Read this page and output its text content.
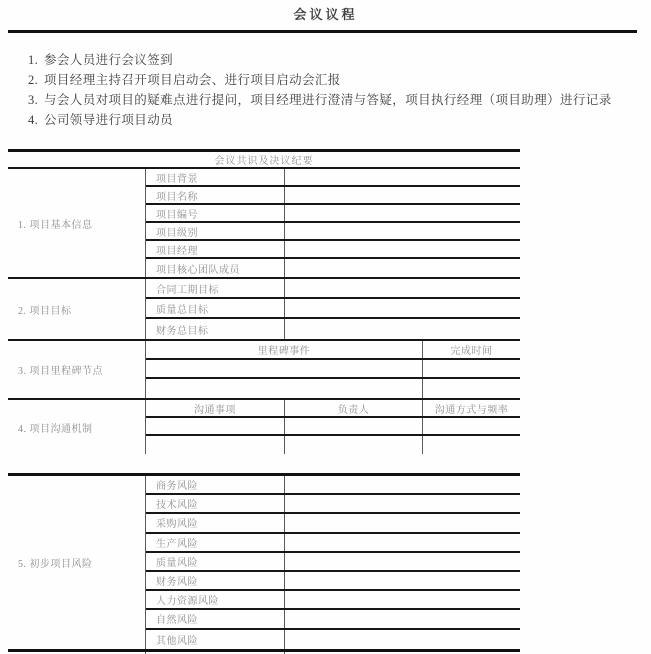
会议议程
1. 参会人员进行会议签到
2. 项目经理主持召开项目启动会、进行项目启动会汇报
3. 与会人员对项目的疑难点进行提问，项目经理进行澄清与答疑，项目执行经理（项目助理）进行记录
4. 公司领导进行项目动员
会议共识及决议纪要
1. 项目基本信息
项目背景
项目名称
项目编号
项目级别
项目经理
项目核心团队成员
2. 项目目标
合同工期目标
质量总目标
财务总目标
3. 项目里程碑节点
里程碑事件	完成时间
4. 项目沟通机制
沟通事项	负责人	沟通方式与频率
5. 初步项目风险
商务风险
技术风险
采购风险
生产风险
质量风险
财务风险
人力资源风险
自然风险
其他风险
